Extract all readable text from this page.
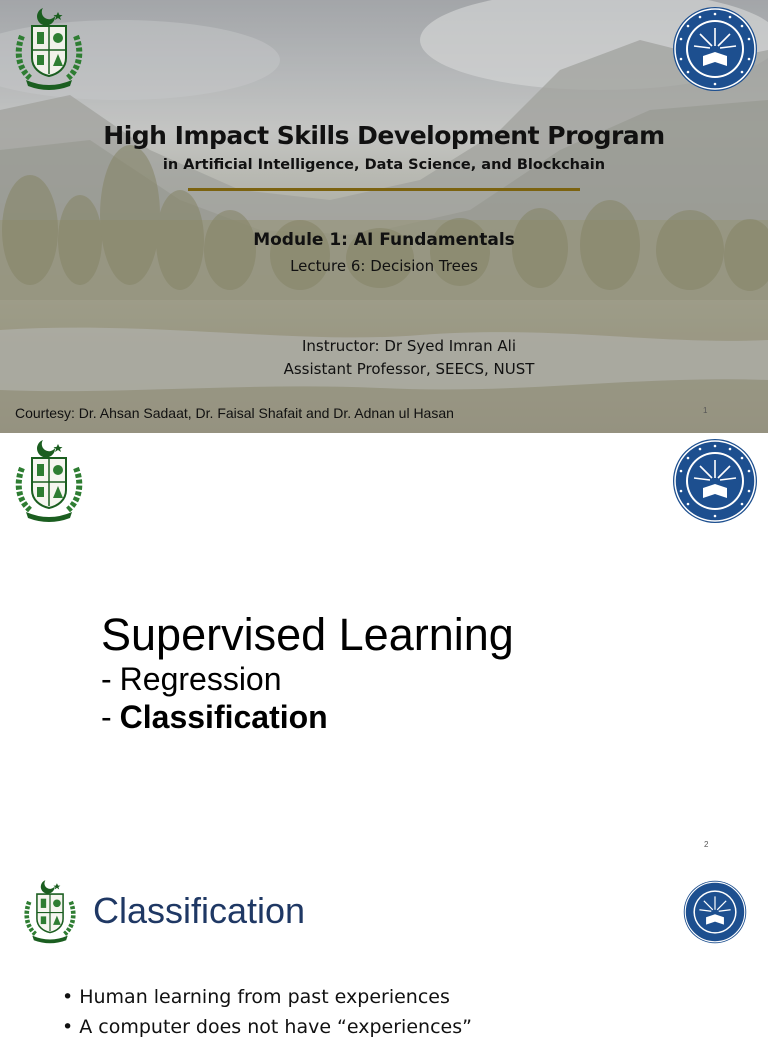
High Impact Skills Development Program
in Artificial Intelligence, Data Science, and Blockchain
Module 1: AI Fundamentals
Lecture 6: Decision Trees
Instructor: Dr Syed Imran Ali
Assistant Professor, SEECS, NUST
Courtesy: Dr. Ahsan Sadaat, Dr. Faisal Shafait and Dr. Adnan ul Hasan	1
Supervised Learning
- Regression
- Classification
2
Classification
• Human learning from past experiences
• A computer does not have “experiences”
